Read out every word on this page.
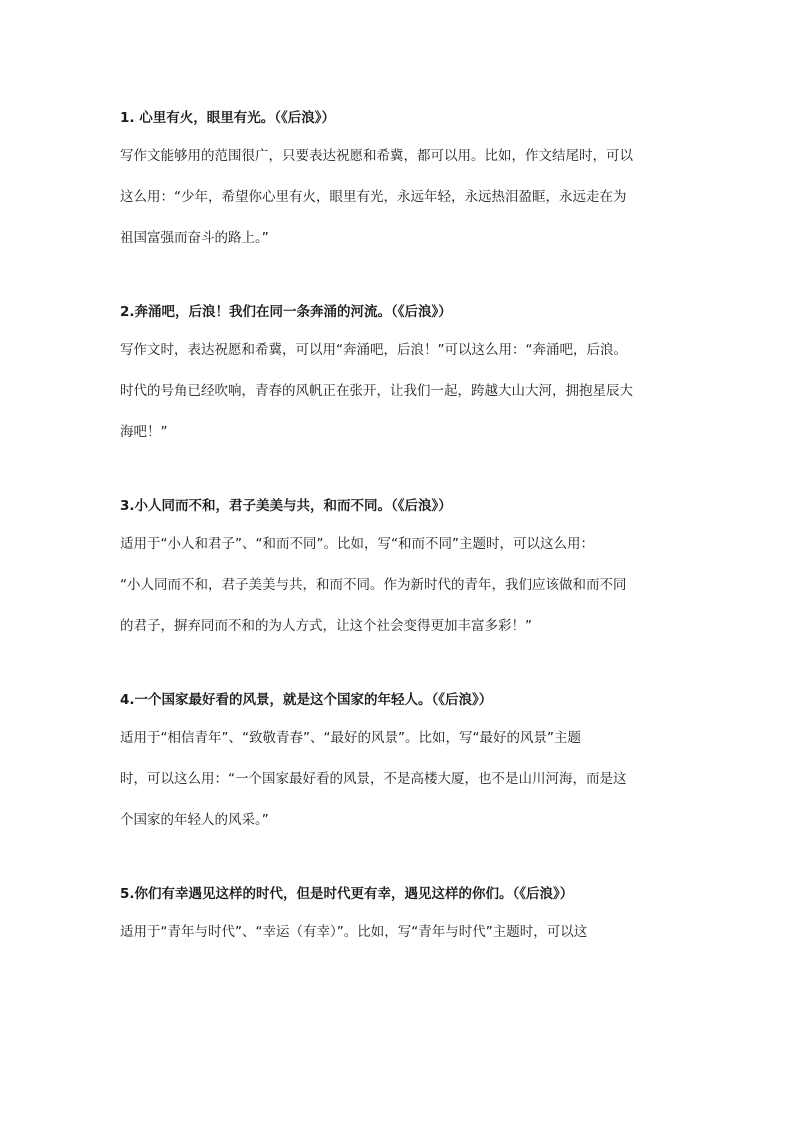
1. 心里有火，眼里有光。（《后浪》）

写作文能够用的范围很广，只要表达祝愿和希冀，都可以用。比如，作文结尾时，可以
这么用：“少年，希望你心里有火，眼里有光，永远年轻，永远热泪盈眶，永远走在为
祖国富强而奋斗的路上。”

2.奔涌吧，后浪！我们在同一条奔涌的河流。（《后浪》）

写作文时，表达祝愿和希冀，可以用“奔涌吧，后浪！”可以这么用：“奔涌吧，后浪。
时代的号角已经吹响，青春的风帆正在张开，让我们一起，跨越大山大河，拥抱星辰大
海吧！”

3.小人同而不和，君子美美与共，和而不同。（《后浪》）

适用于“小人和君子”、“和而不同”。比如，写“和而不同”主题时，可以这么用：
“小人同而不和，君子美美与共，和而不同。作为新时代的青年，我们应该做和而不同
的君子，摒弃同而不和的为人方式，让这个社会变得更加丰富多彩！”

4.一个国家最好看的风景，就是这个国家的年轻人。（《后浪》）

适用于“相信青年”、“致敬青春”、“最好的风景”。比如，写“最好的风景”主题
时，可以这么用：“一个国家最好看的风景，不是高楼大厦，也不是山川河海，而是这
个国家的年轻人的风采。”

5.你们有幸遇见这样的时代，但是时代更有幸，遇见这样的你们。（《后浪》）

适用于“青年与时代”、“幸运（有幸）”。比如，写“青年与时代”主题时，可以这
